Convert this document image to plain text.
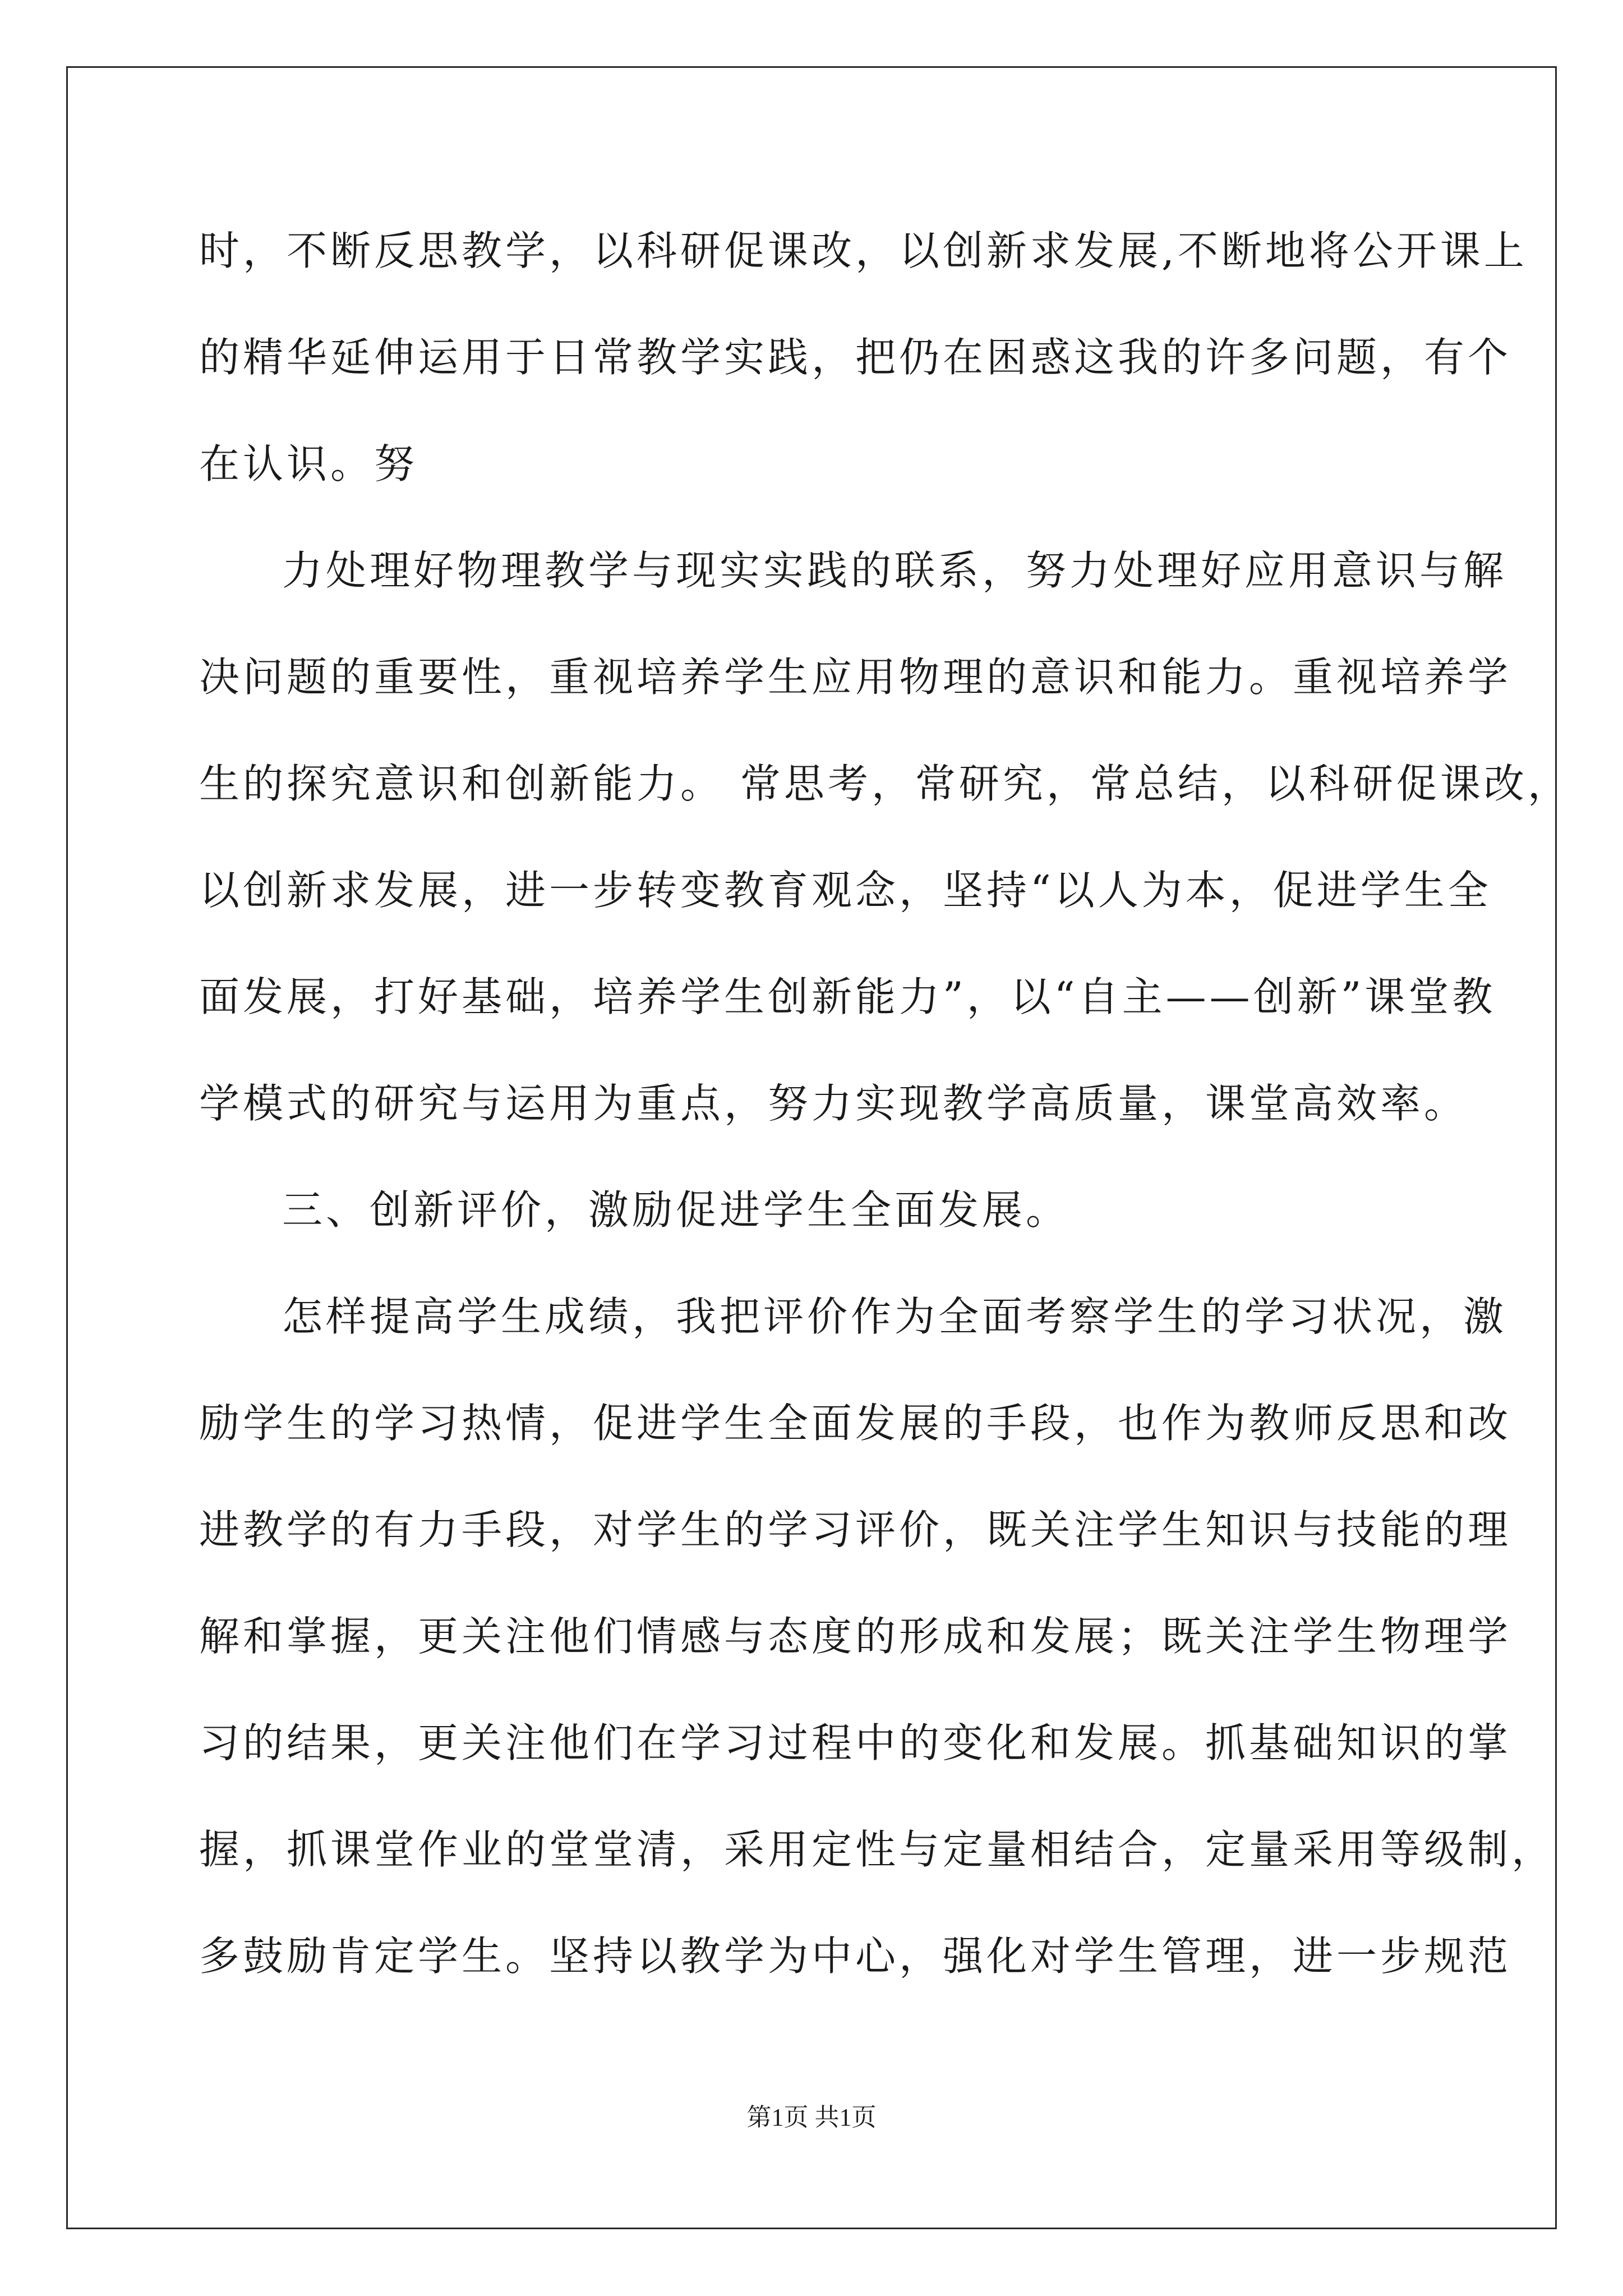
时，不断反思教学，以科研促课改，以创新求发展,不断地将公开课上
的精华延伸运用于日常教学实践，把仍在困惑这我的许多问题，有个
在认识。努
力处理好物理教学与现实实践的联系，努力处理好应用意识与解
决问题的重要性，重视培养学生应用物理的意识和能力。重视培养学
生的探究意识和创新能力。 常思考，常研究，常总结，以科研促课改，
以创新求发展，进一步转变教育观念，坚持“以人为本，促进学生全
面发展，打好基础，培养学生创新能力”，以“自主——创新”课堂教
学模式的研究与运用为重点，努力实现教学高质量，课堂高效率。
三、创新评价，激励促进学生全面发展。
怎样提高学生成绩，我把评价作为全面考察学生的学习状况，激
励学生的学习热情，促进学生全面发展的手段，也作为教师反思和改
进教学的有力手段，对学生的学习评价，既关注学生知识与技能的理
解和掌握，更关注他们情感与态度的形成和发展；既关注学生物理学
习的结果，更关注他们在学习过程中的变化和发展。抓基础知识的掌
握，抓课堂作业的堂堂清，采用定性与定量相结合，定量采用等级制，
多鼓励肯定学生。坚持以教学为中心，强化对学生管理，进一步规范
第1页 共1页
